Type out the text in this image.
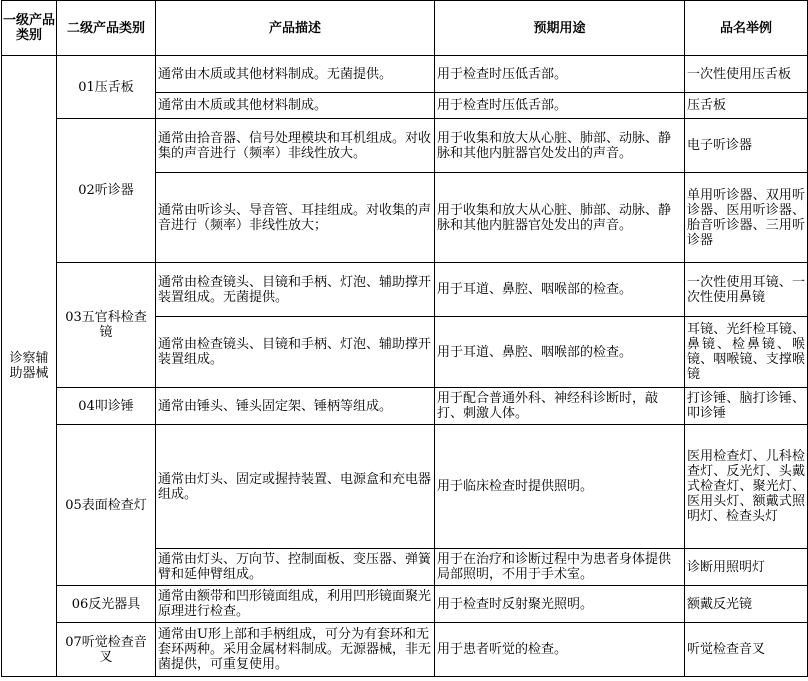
一级产品类别	二级产品类别	产品描述	预期用途	品名举例
诊察辅助器械	01压舌板	通常由木质或其他材料制成。无菌提供。	用于检查时压低舌部。	一次性使用压舌板
		通常由木质或其他材料制成。	用于检查时压低舌部。	压舌板
	02听诊器	通常由拾音器、信号处理模块和耳机组成。对收集的声音进行（频率）非线性放大。	用于收集和放大从心脏、肺部、动脉、静脉和其他内脏器官处发出的声音。	电子听诊器
		通常由听诊头、导音管、耳挂组成。对收集的声音进行（频率）非线性放大；	用于收集和放大从心脏、肺部、动脉、静脉和其他内脏器官处发出的声音。	单用听诊器、双用听诊器、医用听诊器、胎音听诊器、三用听诊器
	03五官科检查镜	通常由检查镜头、目镜和手柄、灯泡、辅助撑开装置组成。无菌提供。	用于耳道、鼻腔、咽喉部的检查。	一次性使用耳镜、一次性使用鼻镜
		通常由检查镜头、目镜和手柄、灯泡、辅助撑开装置组成。	用于耳道、鼻腔、咽喉部的检查。	耳镜、光纤检耳镜、鼻镜、检鼻镜、喉镜、咽喉镜、支撑喉镜
	04叩诊锤	通常由锤头、锤头固定架、锤柄等组成。	用于配合普通外科、神经科诊断时，敲打、刺激人体。	打诊锤、脑打诊锤、叩诊锤
	05表面检查灯	通常由灯头、固定或握持装置、电源盒和充电器组成。	用于临床检查时提供照明。	医用检查灯、儿科检查灯、反光灯、头戴式检查灯、聚光灯、医用头灯、额戴式照明灯、检查头灯
		通常由灯头、万向节、控制面板、变压器、弹簧臂和延伸臂组成。	用于在治疗和诊断过程中为患者身体提供局部照明，不用于手术室。	诊断用照明灯
	06反光器具	通常由额带和凹形镜面组成，利用凹形镜面聚光原理进行检查。	用于检查时反射聚光照明。	额戴反光镜
	07听觉检查音叉	通常由U形上部和手柄组成，可分为有套环和无套环两种。采用金属材料制成。无源器械，非无菌提供，可重复使用。	用于患者听觉的检查。	听觉检查音叉
